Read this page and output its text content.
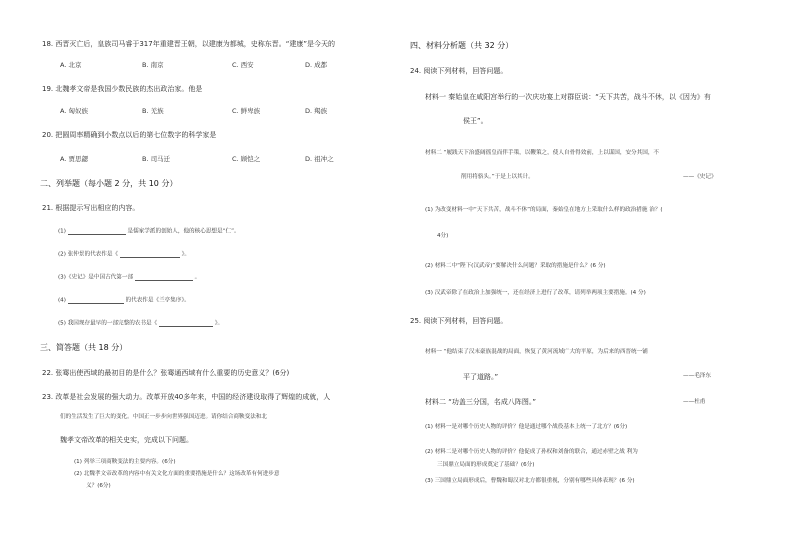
18. 西晋灭亡后，皇族司马睿于317年重建晋王朝，以建康为都城，史称东晋。“建康”是今天的
A. 北京	B. 南京	C. 西安	D. 成都
19. 北魏孝文帝是我国少数民族的杰出政治家。他是
A. 匈奴族	B. 羌族	C. 鲜卑族	D. 羯族
20. 把圆周率精确到小数点以后的第七位数字的科学家是
A. 贾思勰	B. 司马迁	C. 顾恺之	D. 祖冲之
二、列举题（每小题 2 分，共 10 分）
21. 根据提示写出相应的内容。
(1)	是儒家学派的创始人，他的核心思想是“仁”。
(2) 张仲景的代表作是《	》。
(3)《史记》是中国古代第一部	。
(4)	的代表作是《兰亭集序》。
(5) 我国现存最早的一部完整的农书是《	》。
三、简答题（共 18 分）
22. 张骞出使西域的最初目的是什么？张骞通西域有什么重要的历史意义？(6分)
23. 改革是社会发展的强大动力。改革开放40多年来，中国的经济建设取得了辉煌的成就，人
们的生活发生了巨大的变化。中国正一步步向世界强国迈进。请你结合商鞅变法和北
魏孝文帝改革的相关史实，完成以下问题。
(1) 列举三项商鞅变法的主要内容。(6分)
(2) 北魏孝文帝改革的内容中有关文化方面的重要措施是什么？这场改革有何进步意
义？(6分)
四、材料分析题（共 32 分）
24. 阅读下列材料，回答问题。
材料一 秦始皇在咸阳宫举行的一次庆功宴上对群臣说：“天下共苦，战斗不休，以《因为》有
侯王”。
材料二 “履践天下治盛阔徭皇而伴手策，以鞭策之，使人自骨得效前，上以谋国，安分其国，不
削用将骆头。”于是上以其计。	——《史记》
(1) 为改变材料一中“天下共苦，战斗不休”的局面，秦始皇在地方上采取什么样的政治措施 治？(
4分)
(2) 材料二中“陛下(汉武帝)”要解决什么问题？采取的措施是什么？(6 分)
(3) 汉武帝除了在政治上加强统一，还在经济上进行了改革，请列举两项主要措施。(4 分)
25. 阅读下列材料，回答问题。
材料一 “他结束了汉末豪族混战的局面，恢复了黄河流域广大的平原，为后来的西晋统一铺
平了道路。”	——毛泽东
材料二 “功盖三分国，名成八阵图。”	——杜甫
(1) 材料一是对哪个历史人物的评价？他是通过哪个战役基本上统一了北方？(6分)
(2) 材料二是对哪个历史人物的评价？他促成了孙权和刘备的联合，通过赤壁之战 利为
三国鼎立局面的形成奠定了基础？(6分)
(3) 三国鼎立局面形成后，曹魏和蜀汉对北方都很重视，分别有哪些具体表现？(6 分)
